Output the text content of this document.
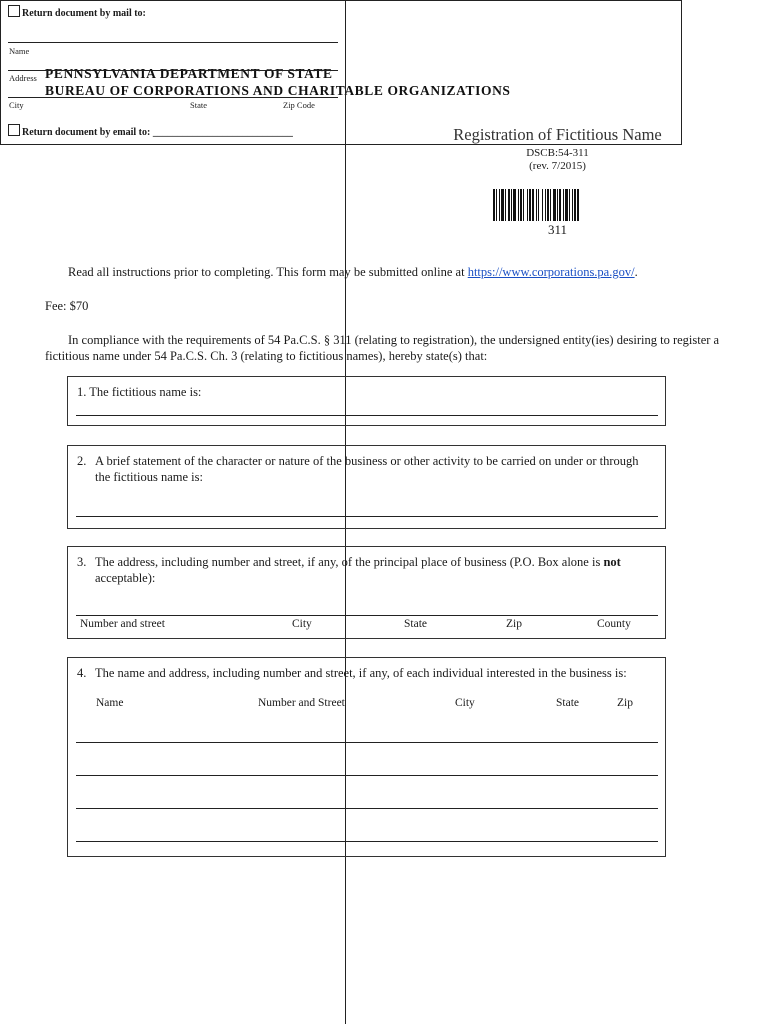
PENNSYLVANIA DEPARTMENT OF STATE
BUREAU OF CORPORATIONS AND CHARITABLE ORGANIZATIONS
Return document by mail to:
Name
Address
City	State	Zip Code
Return document by email to: ____________________________	Registration of Fictitious Name
DSCB:54-311
(rev. 7/2015)
311
Read all instructions prior to completing. This form may be submitted online at https://www.corporations.pa.gov/.
Fee: $70
In compliance with the requirements of 54 Pa.C.S. § 311 (relating to registration), the undersigned entity(ies) desiring to register a fictitious name under 54 Pa.C.S. Ch. 3 (relating to fictitious names), hereby state(s) that:
1. The fictitious name is:
2. A brief statement of the character or nature of the business or other activity to be carried on under or through the fictitious name is:
3. The address, including number and street, if any, of the principal place of business (P.O. Box alone is not acceptable):
Number and street	City	State	Zip	County
4. The name and address, including number and street, if any, of each individual interested in the business is:
Name	Number and Street	City	State	Zip
